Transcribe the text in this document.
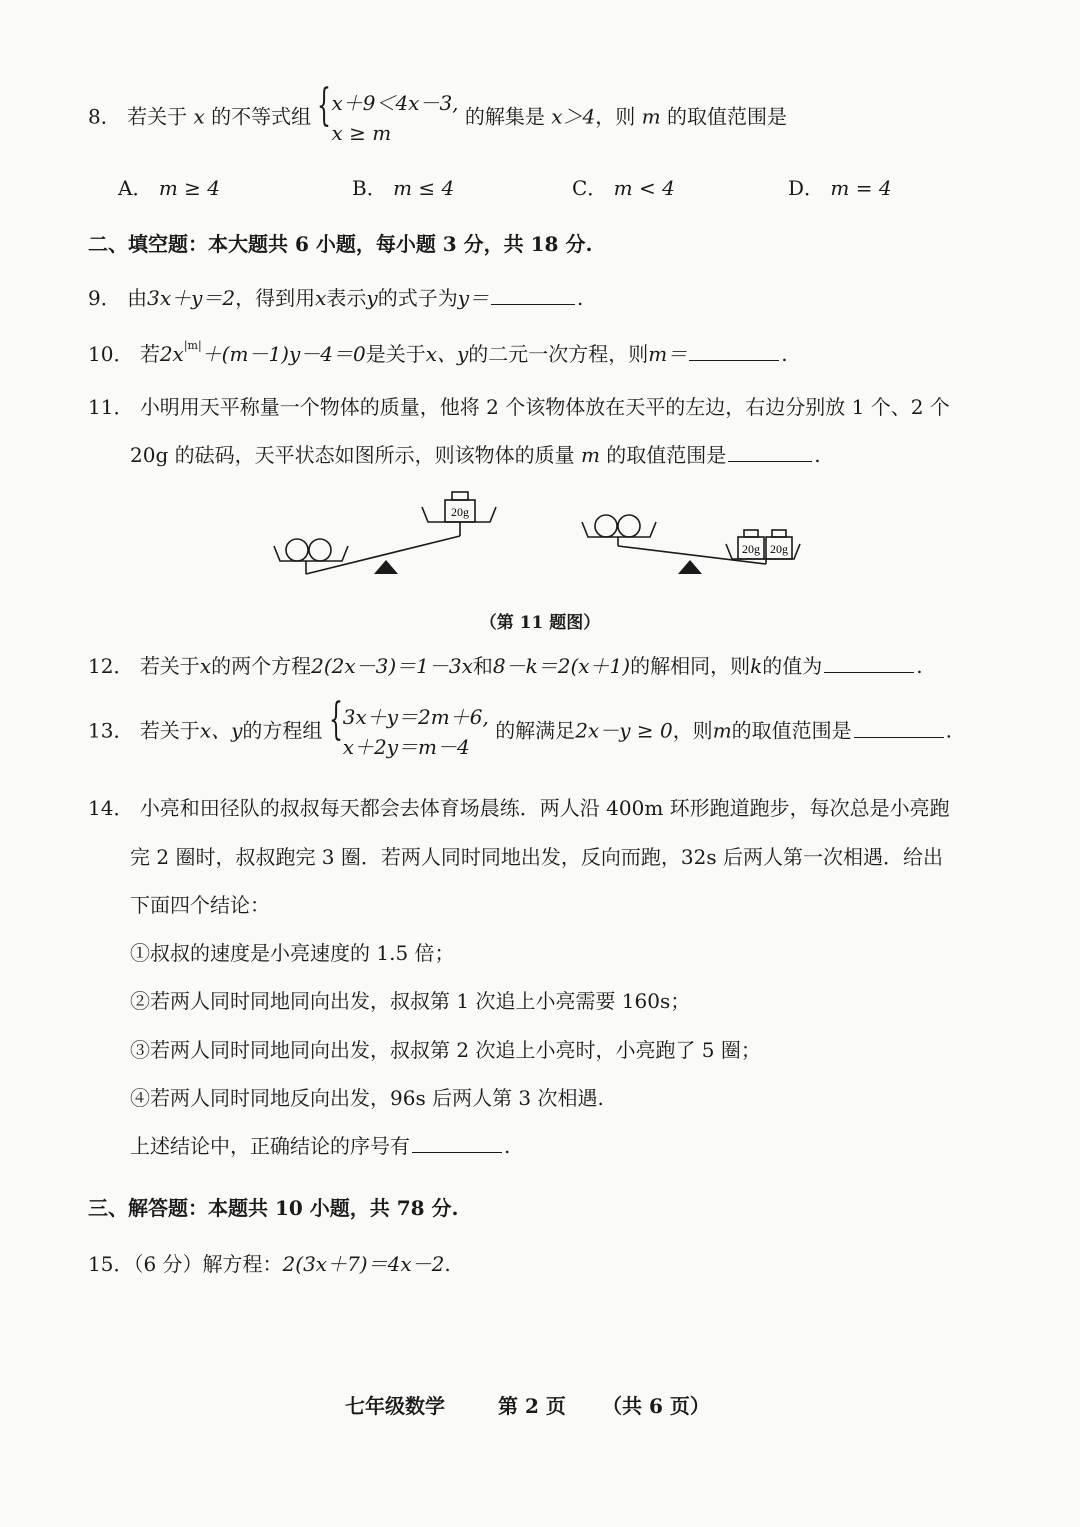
8． 若关于 x 的不等式组 { x＋9＜4x－3,
x ≥ m
的解集是 x＞4，则 m 的取值范围是
A． m ≥ 4	B． m ≤ 4	C． m < 4	D． m = 4
二、填空题：本大题共 6 小题，每小题 3 分，共 18 分.
9． 由3x＋y＝2，得到用x表示y的式子为y＝	.
10． 若$2x^{|m|}+(m-1)y-4=0$是关于x、y的二元一次方程，则m＝	.
11． 小明用天平称量一个物体的质量，他将 2 个该物体放在天平的左边，右边分别放 1 个、2 个
20g 的砝码，天平状态如图所示，则该物体的质量 m 的取值范围是	.
20g
20g 20g
（第 11 题图）
12． 若关于x的两个方程2(2x－3)＝1－3x和8－k＝2(x＋1)的解相同，则k的值为	.
13． 若关于x、y的方程组 { 3x＋y＝2m＋6,
x＋2y＝m－4
的解满足2x－y ≥ 0，则m的取值范围是	.
14． 小亮和田径队的叔叔每天都会去体育场晨练．两人沿 400m 环形跑道跑步，每次总是小亮跑
完 2 圈时，叔叔跑完 3 圈．若两人同时同地出发，反向而跑，32s 后两人第一次相遇．给出
下面四个结论：
①叔叔的速度是小亮速度的 1.5 倍；
②若两人同时同地同向出发，叔叔第 1 次追上小亮需要 160s；
③若两人同时同地同向出发，叔叔第 2 次追上小亮时，小亮跑了 5 圈；
④若两人同时同地反向出发，96s 后两人第 3 次相遇.
上述结论中，正确结论的序号有	.
三、解答题：本题共 10 小题，共 78 分.
15．（6 分）解方程：2(3x＋7)＝4x－2.
七年级数学	第 2 页 （共 6 页）
